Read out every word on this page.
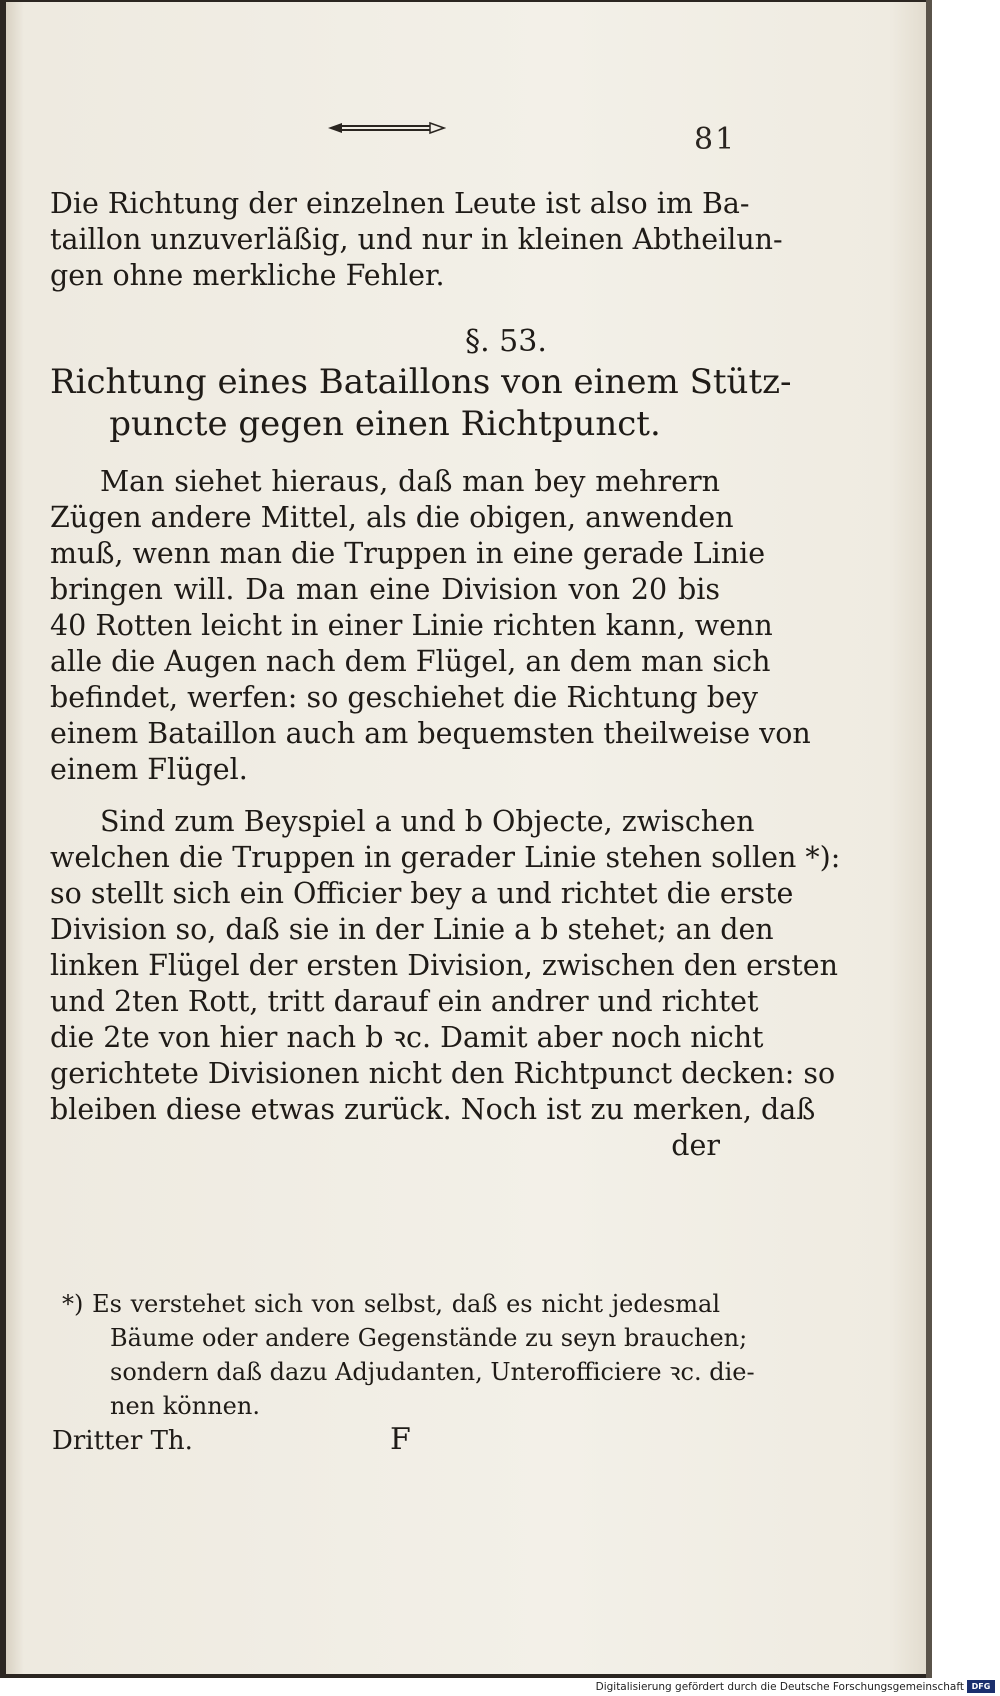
81
Die Richtung der einzelnen Leute ist also im Ba-
taillon unzuverläßig, und nur in kleinen Abtheilun-
gen ohne merkliche Fehler.
§. 53.
Richtung eines Bataillons von einem Stütz-
puncte gegen einen Richtpunct.
Man siehet hieraus, daß man bey mehrern
Zügen andere Mittel, als die obigen, anwenden
muß, wenn man die Truppen in eine gerade Linie
bringen will. Da man eine Division von 20 bis
40 Rotten leicht in einer Linie richten kann, wenn
alle die Augen nach dem Flügel, an dem man sich
befindet, werfen: so geschiehet die Richtung bey
einem Bataillon auch am bequemsten theilweise von
einem Flügel.
Sind zum Beyspiel a und b Objecte, zwischen
welchen die Truppen in gerader Linie stehen sollen *):
so stellt sich ein Officier bey a und richtet die erste
Division so, daß sie in der Linie a b stehet; an den
linken Flügel der ersten Division, zwischen den ersten
und 2ten Rott, tritt darauf ein andrer und richtet
die 2te von hier nach b ꝛc. Damit aber noch nicht
gerichtete Divisionen nicht den Richtpunct decken: so
bleiben diese etwas zurück. Noch ist zu merken, daß
der
*) Es verstehet sich von selbst, daß es nicht jedesmal
Bäume oder andere Gegenstände zu seyn brauchen;
sondern daß dazu Adjudanten, Unterofficiere ꝛc. die-
nen können.
Dritter Th.	F
Digitalisierung gefördert durch die Deutsche Forschungsgemeinschaft DFG
